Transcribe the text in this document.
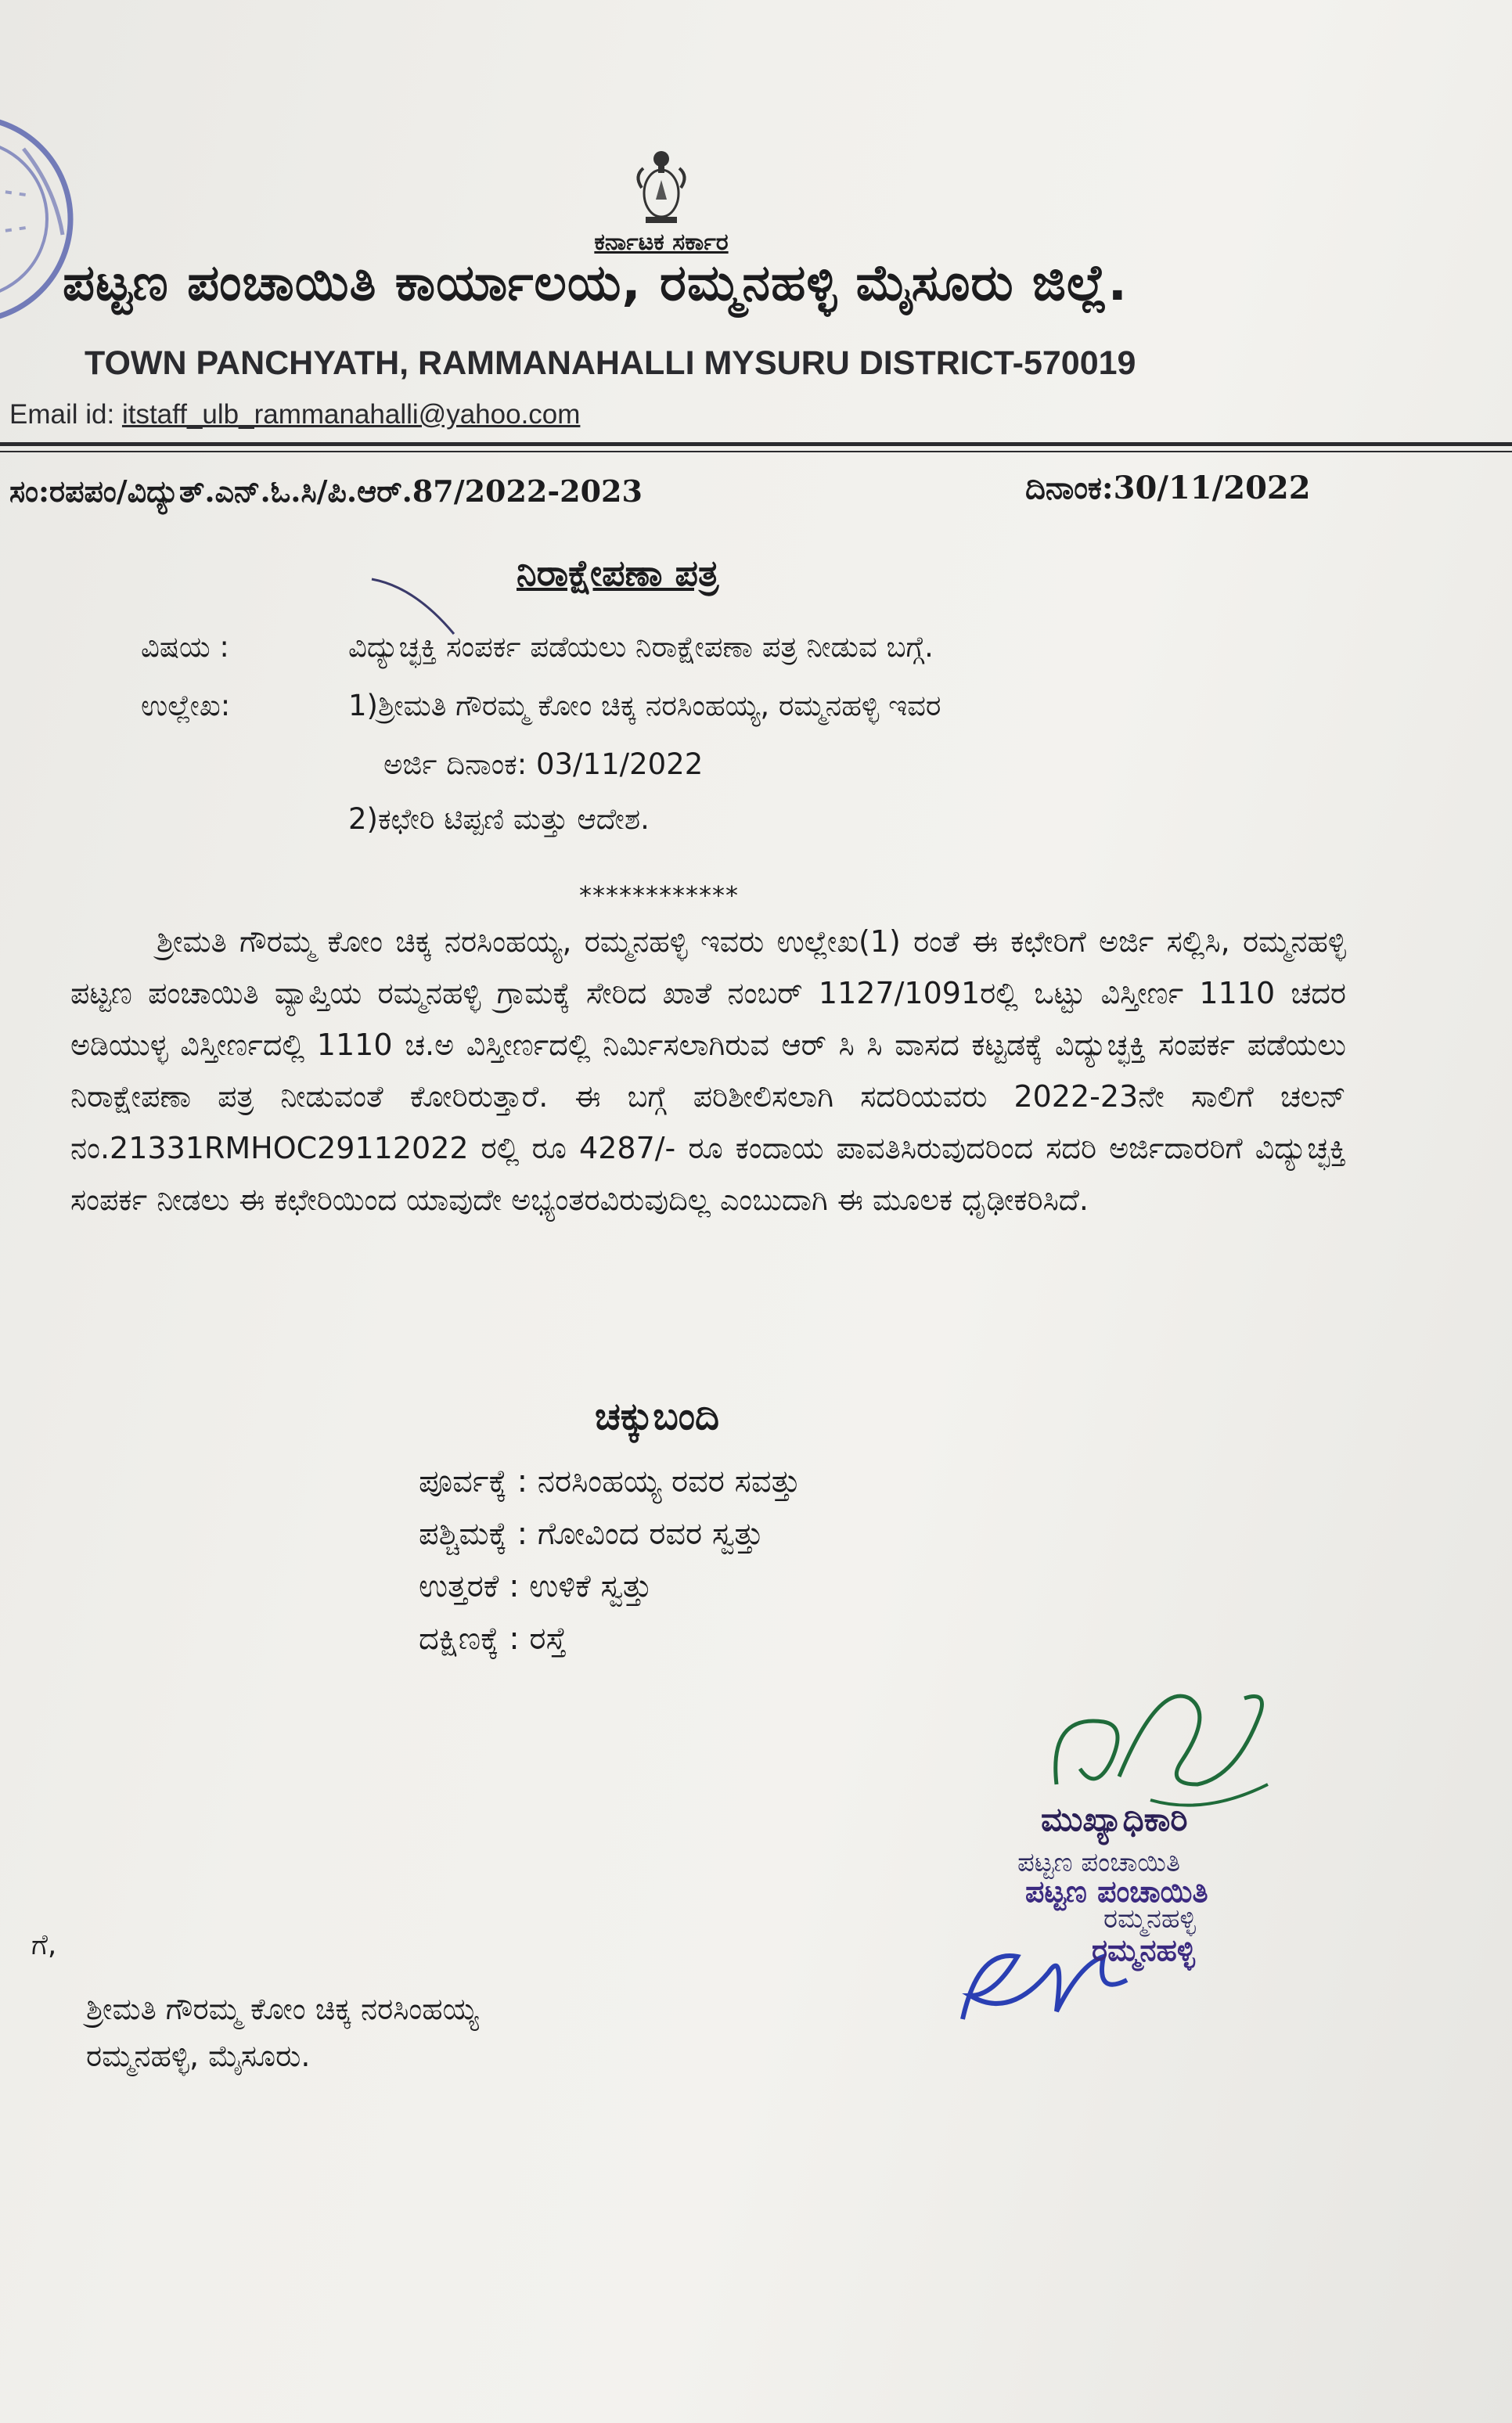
ಕರ್ನಾಟಕ ಸರ್ಕಾರ
ಪಟ್ಟಣ ಪಂಚಾಯಿತಿ ಕಾರ್ಯಾಲಯ, ರಮ್ಮನಹಳ್ಳಿ ಮೈಸೂರು ಜಿಲ್ಲೆ.
TOWN PANCHYATH, RAMMANAHALLI MYSURU DISTRICT-570019
Email id: itstaff_ulb_rammanahalli@yahoo.com
ಸಂ:ರಪಪಂ/ವಿದ್ಯುತ್.ಎನ್.ಓ.ಸಿ/ಪಿ.ಆರ್.87/2022-2023	ದಿನಾಂಕ:30/11/2022
ನಿರಾಕ್ಷೇಪಣಾ ಪತ್ರ
ವಿಷಯ :	ವಿದ್ಯುಚ್ಛಕ್ತಿ ಸಂಪರ್ಕ ಪಡೆಯಲು ನಿರಾಕ್ಷೇಪಣಾ ಪತ್ರ ನೀಡುವ ಬಗ್ಗೆ.
ಉಲ್ಲೇಖ:	1)ಶ್ರೀಮತಿ ಗೌರಮ್ಮ ಕೋಂ ಚಿಕ್ಕ ನರಸಿಂಹಯ್ಯ, ರಮ್ಮನಹಳ್ಳಿ ಇವರ
ಅರ್ಜಿ ದಿನಾಂಕ: 03/11/2022
2)ಕಛೇರಿ ಟಿಪ್ಪಣಿ ಮತ್ತು ಆದೇಶ.
************
ಶ್ರೀಮತಿ ಗೌರಮ್ಮ ಕೋಂ ಚಿಕ್ಕ ನರಸಿಂಹಯ್ಯ, ರಮ್ಮನಹಳ್ಳಿ ಇವರು ಉಲ್ಲೇಖ(1) ರಂತೆ ಈ ಕಛೇರಿಗೆ ಅರ್ಜಿ ಸಲ್ಲಿಸಿ, ರಮ್ಮನಹಳ್ಳಿ ಪಟ್ಟಣ ಪಂಚಾಯಿತಿ ವ್ಯಾಪ್ತಿಯ ರಮ್ಮನಹಳ್ಳಿ ಗ್ರಾಮಕ್ಕೆ ಸೇರಿದ ಖಾತೆ ನಂಬರ್ 1127/1091ರಲ್ಲಿ ಒಟ್ಟು ವಿಸ್ತೀರ್ಣ 1110 ಚದರ ಅಡಿಯುಳ್ಳ ವಿಸ್ತೀರ್ಣದಲ್ಲಿ 1110 ಚ.ಅ ವಿಸ್ತೀರ್ಣದಲ್ಲಿ ನಿರ್ಮಿಸಲಾಗಿರುವ ಆರ್ ಸಿ ಸಿ ವಾಸದ ಕಟ್ಟಡಕ್ಕೆ ವಿದ್ಯುಚ್ಛಕ್ತಿ ಸಂಪರ್ಕ ಪಡೆಯಲು ನಿರಾಕ್ಷೇಪಣಾ ಪತ್ರ ನೀಡುವಂತೆ ಕೋರಿರುತ್ತಾರೆ. ಈ ಬಗ್ಗೆ ಪರಿಶೀಲಿಸಲಾಗಿ ಸದರಿಯವರು 2022-23ನೇ ಸಾಲಿಗೆ ಚಲನ್ ನಂ.21331RMHOC29112022 ರಲ್ಲಿ ರೂ 4287/- ರೂ ಕಂದಾಯ ಪಾವತಿಸಿರುವುದರಿಂದ ಸದರಿ ಅರ್ಜಿದಾರರಿಗೆ ವಿದ್ಯುಚ್ಛಕ್ತಿ ಸಂಪರ್ಕ ನೀಡಲು ಈ ಕಛೇರಿಯಿಂದ ಯಾವುದೇ ಅಭ್ಯಂತರವಿರುವುದಿಲ್ಲ ಎಂಬುದಾಗಿ ಈ ಮೂಲಕ ಧೃಢೀಕರಿಸಿದೆ.
ಚಕ್ಕುಬಂದಿ
ಪೂರ್ವಕ್ಕೆ : ನರಸಿಂಹಯ್ಯ ರವರ ಸವತ್ತು
ಪಶ್ಚಿಮಕ್ಕೆ : ಗೋವಿಂದ ರವರ ಸ್ವತ್ತು
ಉತ್ತರಕೆ : ಉಳಿಕೆ ಸ್ವತ್ತು
ದಕ್ಷಿಣಕ್ಕೆ : ರಸ್ತೆ
ಮುಖ್ಯಾಧಿಕಾರಿ
ಪಟ್ಟಣ ಪಂಚಾಯಿತಿ
ಪಟ್ಟಣ ಪಂಚಾಯಿತಿ
ರಮ್ಮನಹಳ್ಳಿ
ರಮ್ಮನಹಳ್ಳಿ
ಗೆ,
ಶ್ರೀಮತಿ ಗೌರಮ್ಮ ಕೋಂ ಚಿಕ್ಕ ನರಸಿಂಹಯ್ಯ
ರಮ್ಮನಹಳ್ಳಿ, ಮೈಸೂರು.
